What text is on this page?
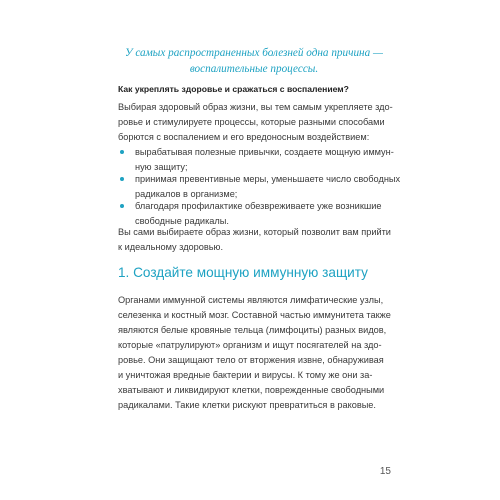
У самых распространенных болезней одна причина —
воспалительные процессы.
Как укреплять здоровье и сражаться с воспалением?
Выбирая здоровый образ жизни, вы тем самым укрепляете здо-
ровье и стимулируете процессы, которые разными способами
борются с воспалением и его вредоносным воздействием:
вырабатывая полезные привычки, создаете мощную иммун-
ную защиту;
принимая превентивные меры, уменьшаете число свободных
радикалов в организме;
благодаря профилактике обезвреживаете уже возникшие
свободные радикалы.
Вы сами выбираете образ жизни, который позволит вам прийти
к идеальному здоровью.
1. Создайте мощную иммунную защиту
Органами иммунной системы являются лимфатические узлы,
селезенка и костный мозг. Составной частью иммунитета также
являются белые кровяные тельца (лимфоциты) разных видов,
которые «патрулируют» организм и ищут посягателей на здо-
ровье. Они защищают тело от вторжения извне, обнаруживая
и уничтожая вредные бактерии и вирусы. К тому же они за-
хватывают и ликвидируют клетки, поврежденные свободными
радикалами. Такие клетки рискуют превратиться в раковые.
15
